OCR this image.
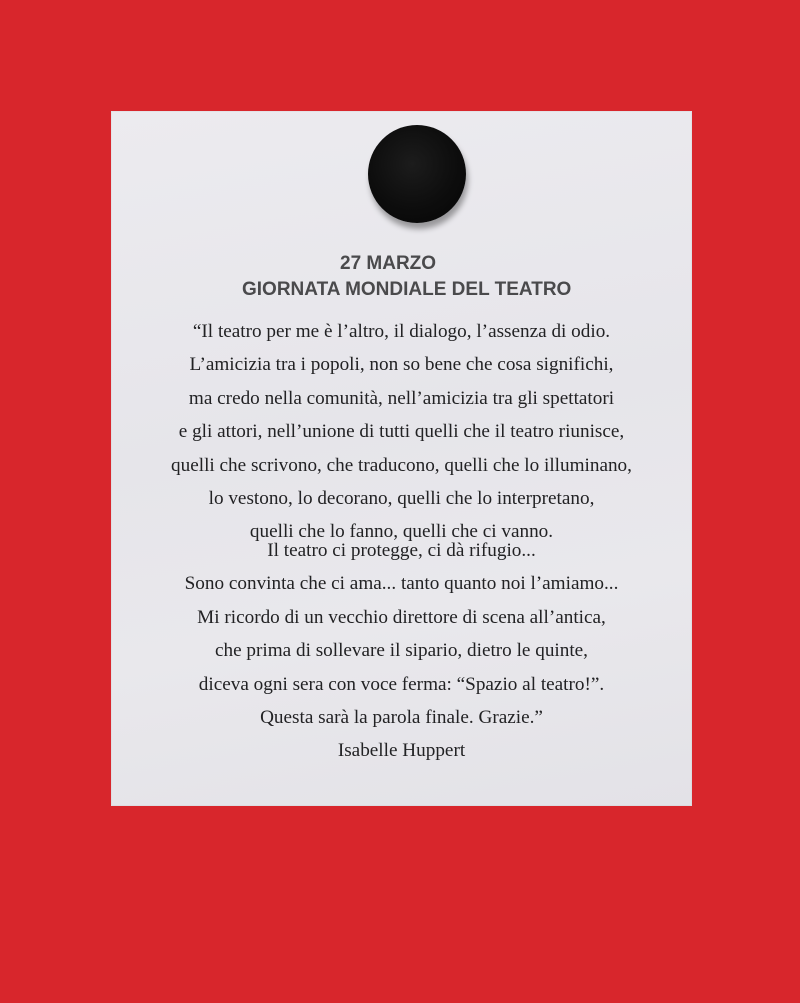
27 MARZO
GIORNATA MONDIALE DEL TEATRO

“Il teatro per me è l’altro, il dialogo, l’assenza di odio.
L’amicizia tra i popoli, non so bene che cosa significhi,
ma credo nella comunità, nell’amicizia tra gli spettatori
e gli attori, nell’unione di tutti quelli che il teatro riunisce,
quelli che scrivono, che traducono, quelli che lo illuminano,
lo vestono, lo decorano, quelli che lo interpretano,
quelli che lo fanno, quelli che ci vanno.

Il teatro ci protegge, ci dà rifugio...
Sono convinta che ci ama... tanto quanto noi l’amiamo...
Mi ricordo di un vecchio direttore di scena all’antica,
che prima di sollevare il sipario, dietro le quinte,
diceva ogni sera con voce ferma: “Spazio al teatro!”.
Questa sarà la parola finale. Grazie.”

Isabelle Huppert
